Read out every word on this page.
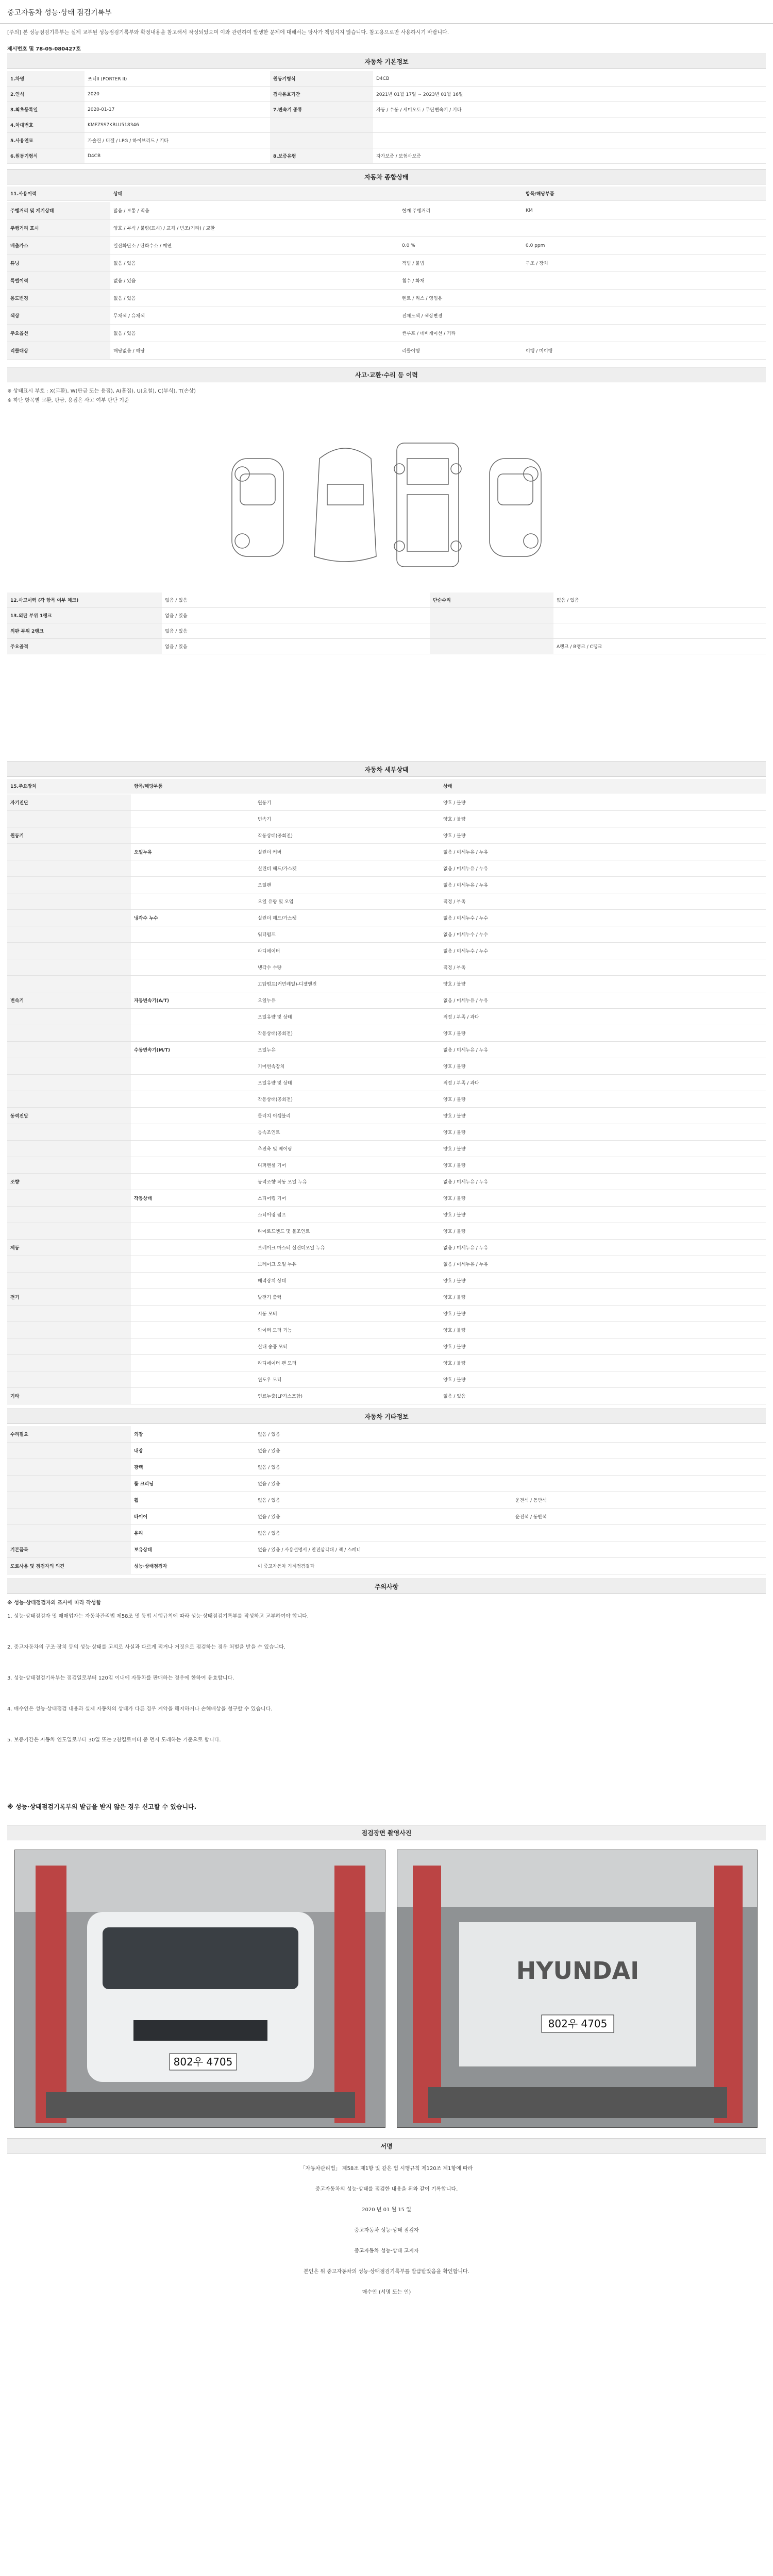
중고자동차 성능·상태 점검기록부
[주의] 본 성능점검기록부는 실제 교부된 성능점검기록부와 확정내용을 참고해서 작성되었으며 이와 관련하여 발생한 문제에 대해서는 당사가 책임지지 않습니다. 참고용으로만 사용하시기 바랍니다.
제시번호 및 78-05-080427호
자동차 기본정보
자동차 종합상태
사고·교환·수리 등 이력
※ 상태표시 부호 : X(교환), W(판금 또는 용접), A(흠집), U(요철), C(부식), T(손상)
※ 하단 항목별 교환, 판금, 용접은 사고 여부 판단 기준
자동차 세부상태
자동차 기타정보
주의사항
※ 성능·상태점검자의 조사에 따라 작성함
※ 성능·상태점검기록부의 발급을 받지 않은 경우 신고할 수 있습니다.
점검장면 촬영사진
802우 4705
HYUNDAI
802우 4705
서명
1.차명	포터II (PORTER II)	원동기형식	D4CB
2.연식	2020	검사유효기간	2021년 01월 17일 ~ 2023년 01월 16일
3.최초등록일	2020-01-17	7.변속기 종류	자동 / 수동 / 세미오토 / 무단변속기 / 기타
4.차대번호	KMFZSS7KBLU518346
5.사용연료	가솔린 / 디젤 / LPG / 하이브리드 / 기타
6.원동기형식	D4CB	8.보증유형	자가보증 / 보험사보증
11.사용이력	상태	항목/해당부품
주행거리 및 계기상태	많음 / 보통 / 적음	현재 주행거리	KM
주행거리 표시	양호 / 부식 / 불량(표시) / 교체 / 변조(기타) / 교환
배출가스	일산화탄소 / 탄화수소 / 매연	0.0 %	0.0 ppm
튜닝	없음 / 있음	적법 / 불법	구조 / 장치
특별이력	없음 / 있음	침수 / 화재
용도변경	없음 / 있음	렌트 / 리스 / 영업용
색상	무채색 / 유채색	전체도색 / 색상변경
주요옵션	없음 / 있음	썬루프 / 네비게이션 / 기타
리콜대상	해당없음 / 해당	리콜이행	이행 / 미이행
12.사고이력 (각 항목 여부 체크)	없음 / 있음	단순수리	없음 / 있음
13.외판 부위 1랭크	없음 / 있음
외판 부위 2랭크	없음 / 있음
주요골격	없음 / 있음	A랭크 / B랭크 / C랭크
15.주요장치	항목/해당부품	상태
자기진단	원동기	양호 / 불량
변속기	양호 / 불량
원동기	작동상태(공회전)	양호 / 불량
오일누유	실린더 커버	없음 / 미세누유 / 누유
실린더 헤드/가스켓	없음 / 미세누유 / 누유
오일팬	없음 / 미세누유 / 누유
오일 유량 및 오염	적정 / 부족
냉각수 누수	실린더 헤드/가스켓	없음 / 미세누수 / 누수
워터펌프	없음 / 미세누수 / 누수
라디에이터	없음 / 미세누수 / 누수
냉각수 수량	적정 / 부족
고압펌프(커먼레일)-디젤엔진	양호 / 불량
변속기	자동변속기(A/T)	오일누유	없음 / 미세누유 / 누유
오일유량 및 상태	적정 / 부족 / 과다
작동상태(공회전)	양호 / 불량
수동변속기(M/T)	오일누유	없음 / 미세누유 / 누유
기어변속장치	양호 / 불량
오일유량 및 상태	적정 / 부족 / 과다
작동상태(공회전)	양호 / 불량
동력전달	클러치 어셈블리	양호 / 불량
등속조인트	양호 / 불량
추진축 및 베어링	양호 / 불량
디퍼렌셜 기어	양호 / 불량
조향	동력조향 작동 오일 누유	없음 / 미세누유 / 누유
작동상태	스티어링 기어	양호 / 불량
스티어링 펌프	양호 / 불량
타이로드엔드 및 볼조인트	양호 / 불량
제동	브레이크 마스터 실린더오일 누유	없음 / 미세누유 / 누유
브레이크 오일 누유	없음 / 미세누유 / 누유
배력장치 상태	양호 / 불량
전기	발전기 출력	양호 / 불량
시동 모터	양호 / 불량
와이퍼 모터 기능	양호 / 불량
실내 송풍 모터	양호 / 불량
라디에이터 팬 모터	양호 / 불량
윈도우 모터	양호 / 불량
기타	연료누출(LP가스포함)	없음 / 있음
수리필요	외장	없음 / 있음
내장	없음 / 있음
광택	없음 / 있음
룸 크리닝	없음 / 있음
휠	없음 / 있음	운전석 / 동반석
타이어	없음 / 있음	운전석 / 동반석
유리	없음 / 있음
기본품목	보유상태	없음 / 있음 / 사용설명서 / 안전삼각대 / 잭 / 스패너
도로사용 및 점검자의 의견	성능·상태점검자	이 중고자동차 기계점검결과
1. 성능·상태점검자 및 매매업자는 자동차관리법 제58조 및 동법 시행규칙에 따라 성능·상태점검기록부를 작성하고 교부하여야 합니다.
2. 중고자동차의 구조·장치 등의 성능·상태를 고의로 사실과 다르게 적거나 거짓으로 점검하는 경우 처벌을 받을 수 있습니다.
3. 성능·상태점검기록부는 점검일로부터 120일 이내에 자동차를 판매하는 경우에 한하여 유효합니다.
4. 매수인은 성능·상태점검 내용과 실제 자동차의 상태가 다른 경우 계약을 해지하거나 손해배상을 청구할 수 있습니다.
5. 보증기간은 자동차 인도일로부터 30일 또는 2천킬로미터 중 먼저 도래하는 기준으로 합니다.
「자동차관리법」 제58조 제1항 및 같은 법 시행규칙 제120조 제1항에 따라
중고자동차의 성능·상태를 점검한 내용을 위와 같이 기록합니다.
2020 년 01 월 15 일
중고자동차 성능·상태 점검자
중고자동차 성능·상태 고지자
본인은 위 중고자동차의 성능·상태점검기록부를 발급받았음을 확인합니다.
매수인 (서명 또는 인)
